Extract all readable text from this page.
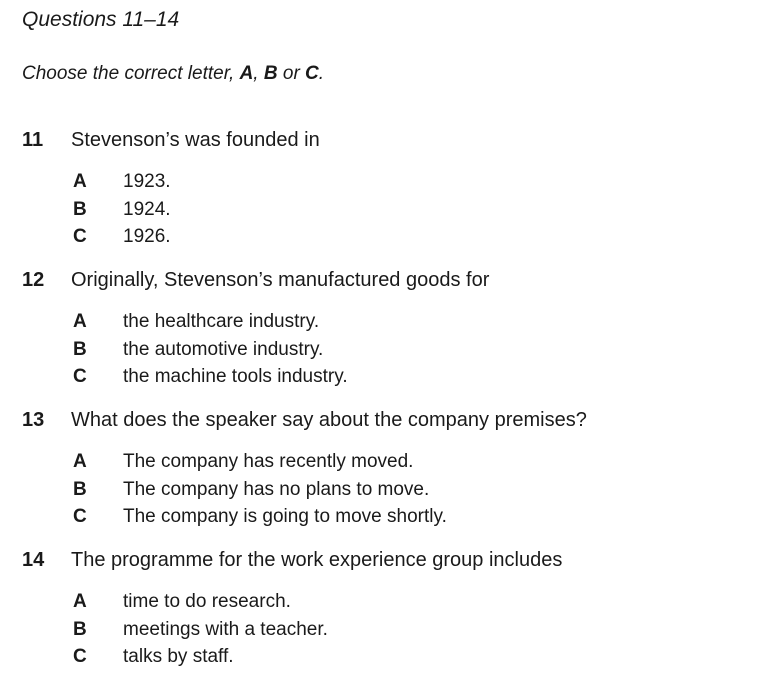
Questions 11–14
Choose the correct letter, A, B or C.
11 Stevenson’s was founded in
A 1923.
B 1924.
C 1926.
12 Originally, Stevenson’s manufactured goods for
A the healthcare industry.
B the automotive industry.
C the machine tools industry.
13 What does the speaker say about the company premises?
A The company has recently moved.
B The company has no plans to move.
C The company is going to move shortly.
14 The programme for the work experience group includes
A time to do research.
B meetings with a teacher.
C talks by staff.
